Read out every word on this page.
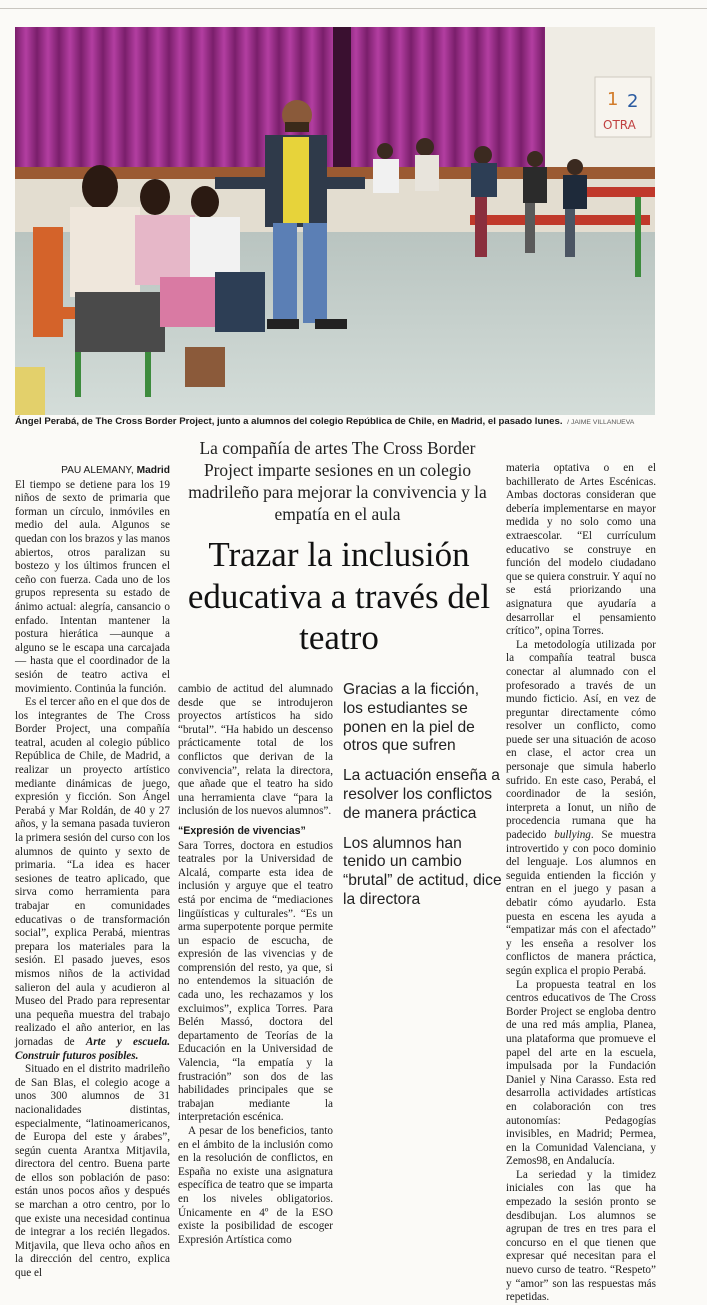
1 2
OTRA
Ángel Perabá, de The Cross Border Project, junto a alumnos del colegio República de Chile, en Madrid, el pasado lunes. / JAIME VILLANUEVA
La compañía de artes The Cross Border Project imparte sesiones en un colegio madrileño para mejorar la convivencia y la empatía en el aula
Trazar la inclusión educativa a través del teatro
PAU ALEMANY, Madrid

El tiempo se detiene para los 19 niños de sexto de primaria que forman un círculo, inmóviles en medio del aula. Algunos se quedan con los brazos y las manos abiertos, otros paralizan su bostezo y los últimos fruncen el ceño con fuerza. Cada uno de los grupos representa su estado de ánimo actual: alegría, cansancio o enfado. Intentan mantener la postura hierática —aunque a alguno se le escapa una carcajada— hasta que el coordinador de la sesión de teatro activa el movimiento. Continúa la función.

Es el tercer año en el que dos de los integrantes de The Cross Border Project, una compañía teatral, acuden al colegio público República de Chile, de Madrid, a realizar un proyecto artístico mediante dinámicas de juego, expresión y ficción. Son Ángel Perabá y Mar Roldán, de 40 y 27 años, y la semana pasada tuvieron la primera sesión del curso con los alumnos de quinto y sexto de primaria. “La idea es hacer sesiones de teatro aplicado, que sirva como herramienta para trabajar en comunidades educativas o de transformación social”, explica Perabá, mientras prepara los materiales para la sesión. El pasado jueves, esos mismos niños de la actividad salieron del aula y acudieron al Museo del Prado para representar una pequeña muestra del trabajo realizado el año anterior, en las jornadas de Arte y escuela. Construir futuros posibles.

Situado en el distrito madrileño de San Blas, el colegio acoge a unos 300 alumnos de 31 nacionalidades distintas, especialmente, “latinoamericanos, de Europa del este y árabes”, según cuenta Arantxa Mitjavila, directora del centro. Buena parte de ellos son población de paso: están unos pocos años y después se marchan a otro centro, por lo que existe una necesidad continua de integrar a los recién llegados. Mitjavila, que lleva ocho años en la dirección del centro, explica que el

cambio de actitud del alumnado desde que se introdujeron proyectos artísticos ha sido “brutal”. “Ha habido un descenso prácticamente total de los conflictos que derivan de la convivencia”, relata la directora, que añade que el teatro ha sido una herramienta clave “para la inclusión de los nuevos alumnos”.

“Expresión de vivencias”

Sara Torres, doctora en estudios teatrales por la Universidad de Alcalá, comparte esta idea de inclusión y arguye que el teatro está por encima de “mediaciones lingüísticas y culturales”. “Es un arma superpotente porque permite un espacio de escucha, de expresión de las vivencias y de comprensión del resto, ya que, si no entendemos la situación de cada uno, les rechazamos y los excluimos”, explica Torres. Para Belén Massó, doctora del departamento de Teorías de la Educación en la Universidad de Valencia, “la empatía y la frustración” son dos de las habilidades principales que se trabajan mediante la interpretación escénica.

A pesar de los beneficios, tanto en el ámbito de la inclusión como en la resolución de conflictos, en España no existe una asignatura específica de teatro que se imparta en los niveles obligatorios. Únicamente en 4º de la ESO existe la posibilidad de escoger Expresión Artística como

Gracias a la ficción, los estudiantes se ponen en la piel de otros que sufren

La actuación enseña a resolver los conflictos de manera práctica

Los alumnos han tenido un cambio “brutal” de actitud, dice la directora

materia optativa o en el bachillerato de Artes Escénicas. Ambas doctoras consideran que debería implementarse en mayor medida y no solo como una extraescolar. “El currículum educativo se construye en función del modelo ciudadano que se quiera construir. Y aquí no se está priorizando una asignatura que ayudaría a desarrollar el pensamiento crítico”, opina Torres.

La metodología utilizada por la compañía teatral busca conectar al alumnado con el profesorado a través de un mundo ficticio. Así, en vez de preguntar directamente cómo resolver un conflicto, como puede ser una situación de acoso en clase, el actor crea un personaje que simula haberlo sufrido. En este caso, Perabá, el coordinador de la sesión, interpreta a Ionut, un niño de procedencia rumana que ha padecido bullying. Se muestra introvertido y con poco dominio del lenguaje. Los alumnos en seguida entienden la ficción y entran en el juego y pasan a debatir cómo ayudarlo. Esta puesta en escena les ayuda a “empatizar más con el afectado” y les enseña a resolver los conflictos de manera práctica, según explica el propio Perabá.

La propuesta teatral en los centros educativos de The Cross Border Project se engloba dentro de una red más amplia, Planea, una plataforma que promueve el papel del arte en la escuela, impulsada por la Fundación Daniel y Nina Carasso. Esta red desarrolla actividades artísticas en colaboración con tres autonomías: Pedagogías invisibles, en Madrid; Permea, en la Comunidad Valenciana, y Zemos98, en Andalucía.

La seriedad y la timidez iniciales con las que ha empezado la sesión pronto se desdibujan. Los alumnos se agrupan de tres en tres para el concurso en el que tienen que expresar qué necesitan para el nuevo curso de teatro. “Respeto” y “amor” son las respuestas más repetidas.
